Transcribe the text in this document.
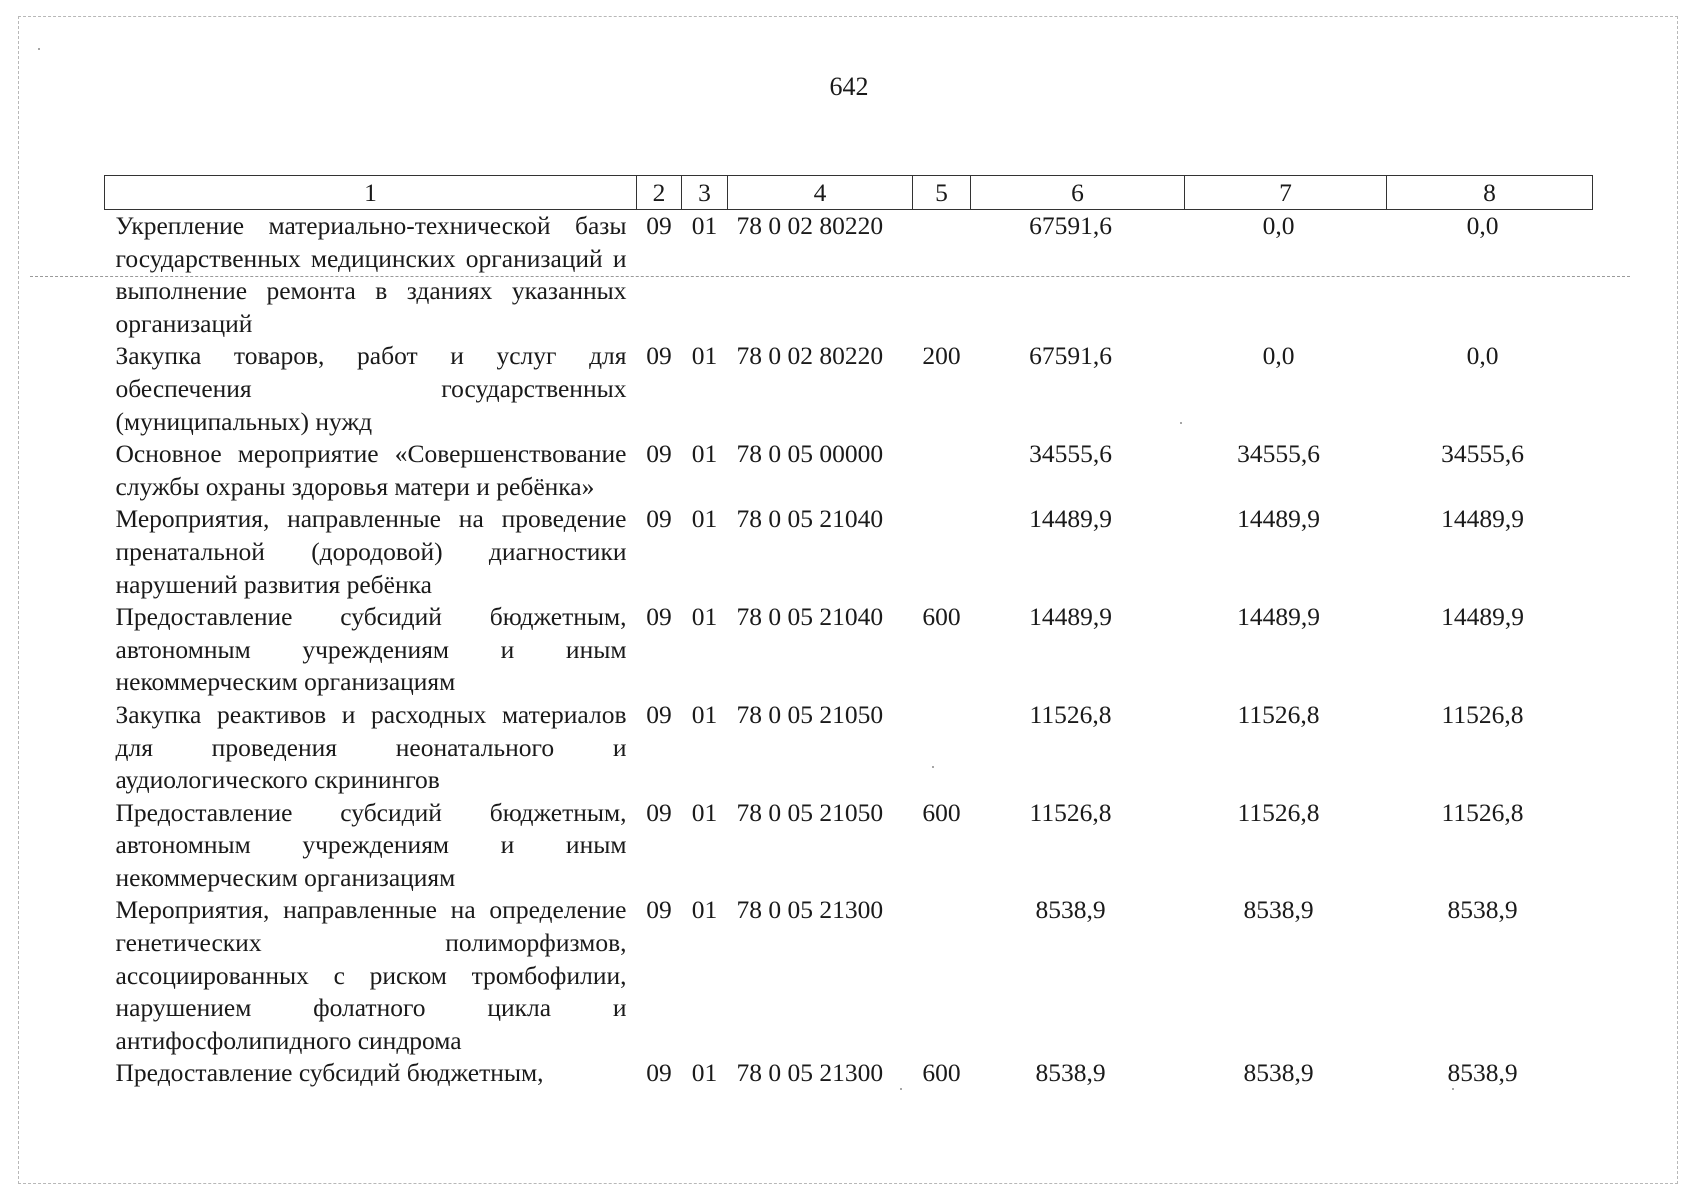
642
1	2	3	4	5	6	7	8
Укрепление материально-технической базы государственных медицинских организаций и выполнение ремонта в зданиях указанных организаций	09	01	78 0 02 80220		67591,6	0,0	0,0
Закупка товаров, работ и услуг для обеспечения государственных (муниципальных) нужд	09	01	78 0 02 80220	200	67591,6	0,0	0,0
Основное мероприятие «Совершенствование службы охраны здоровья матери и ребёнка»	09	01	78 0 05 00000		34555,6	34555,6	34555,6
Мероприятия, направленные на проведение пренатальной (дородовой) диагностики нарушений развития ребёнка	09	01	78 0 05 21040		14489,9	14489,9	14489,9
Предоставление субсидий бюджетным, автономным учреждениям и иным некоммерческим организациям	09	01	78 0 05 21040	600	14489,9	14489,9	14489,9
Закупка реактивов и расходных материалов для проведения неонатального и аудиологического скринингов	09	01	78 0 05 21050		11526,8	11526,8	11526,8
Предоставление субсидий бюджетным, автономным учреждениям и иным некоммерческим организациям	09	01	78 0 05 21050	600	11526,8	11526,8	11526,8
Мероприятия, направленные на определение генетических полиморфизмов, ассоциированных с риском тромбофилии, нарушением фолатного цикла и антифосфолипидного синдрома	09	01	78 0 05 21300		8538,9	8538,9	8538,9
Предоставление субсидий бюджетным,	09	01	78 0 05 21300	600	8538,9	8538,9	8538,9
